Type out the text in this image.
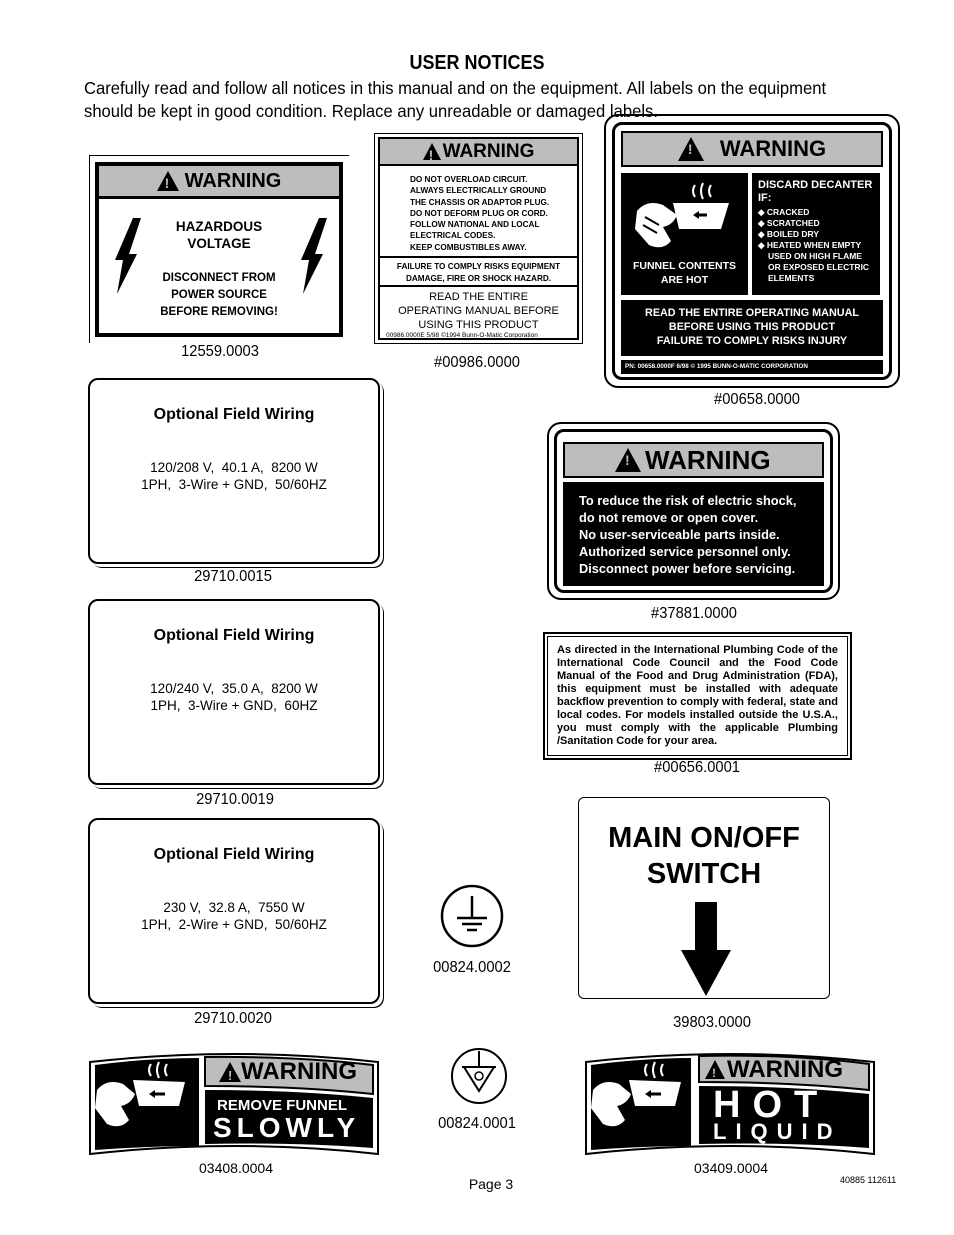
USER NOTICES
Carefully read and follow all notices in this manual and on the equipment. All labels on the equipment should be kept in good condition. Replace any unreadable or damaged labels.
!
WARNING
HAZARDOUS
VOLTAGE
DISCONNECT FROM
POWER SOURCE
BEFORE REMOVING!
12559.0003
!
WARNING
DO NOT OVERLOAD CIRCUIT.
ALWAYS ELECTRICALLY GROUND
THE CHASSIS OR ADAPTOR PLUG.
DO NOT DEFORM PLUG OR CORD.
FOLLOW NATIONAL AND LOCAL
ELECTRICAL CODES.
KEEP COMBUSTIBLES AWAY.
FAILURE TO COMPLY RISKS EQUIPMENT
DAMAGE, FIRE OR SHOCK HAZARD.
READ THE ENTIRE
OPERATING MANUAL BEFORE
USING THIS PRODUCT
00986.0000E 5/98 ©1994 Bunn-O-Matic Corporation
#00986.0000
!
WARNING
FUNNEL CONTENTS
ARE HOT
DISCARD DECANTER
IF:
◆ CRACKED
◆ SCRATCHED
◆ BOILED DRY
◆ HEATED WHEN EMPTY
USED ON HIGH FLAME
OR EXPOSED ELECTRIC
ELEMENTS
READ THE ENTIRE OPERATING MANUAL
BEFORE USING THIS PRODUCT
FAILURE TO COMPLY RISKS INJURY
PN: 00658.0000F 6/98 © 1995 BUNN-O-MATIC CORPORATION
#00658.0000
Optional Field Wiring
120/208 V,  40.1 A,  8200 W
1PH,  3-Wire + GND,  50/60HZ
29710.0015
!
WARNING
To reduce the risk of electric shock,
do not remove or open cover.
No user-serviceable parts inside.
Authorized service personnel only.
Disconnect power before servicing.
#37881.0000
Optional Field Wiring
120/240 V,  35.0 A,  8200 W
1PH,  3-Wire + GND,  60HZ
29710.0019
As directed in the International Plumbing Code of the International Code Council and the Food Code Manual of the Food and Drug Administration (FDA), this equipment must be installed with adequate backflow prevention to comply with federal, state and local codes. For models installed outside the U.S.A., you must comply with the applicable Plumbing /Sanitation Code for your area.
#00656.0001
Optional Field Wiring
230 V,  32.8 A,  7550 W
1PH,  2-Wire + GND,  50/60HZ
29710.0020
00824.0002
MAIN ON/OFF
SWITCH
39803.0000
! WARNING
REMOVE FUNNEL
SLOWLY
03408.0004
00824.0001
! WARNING
HOT
LIQUID
03409.0004
Page 3	40885 112611
